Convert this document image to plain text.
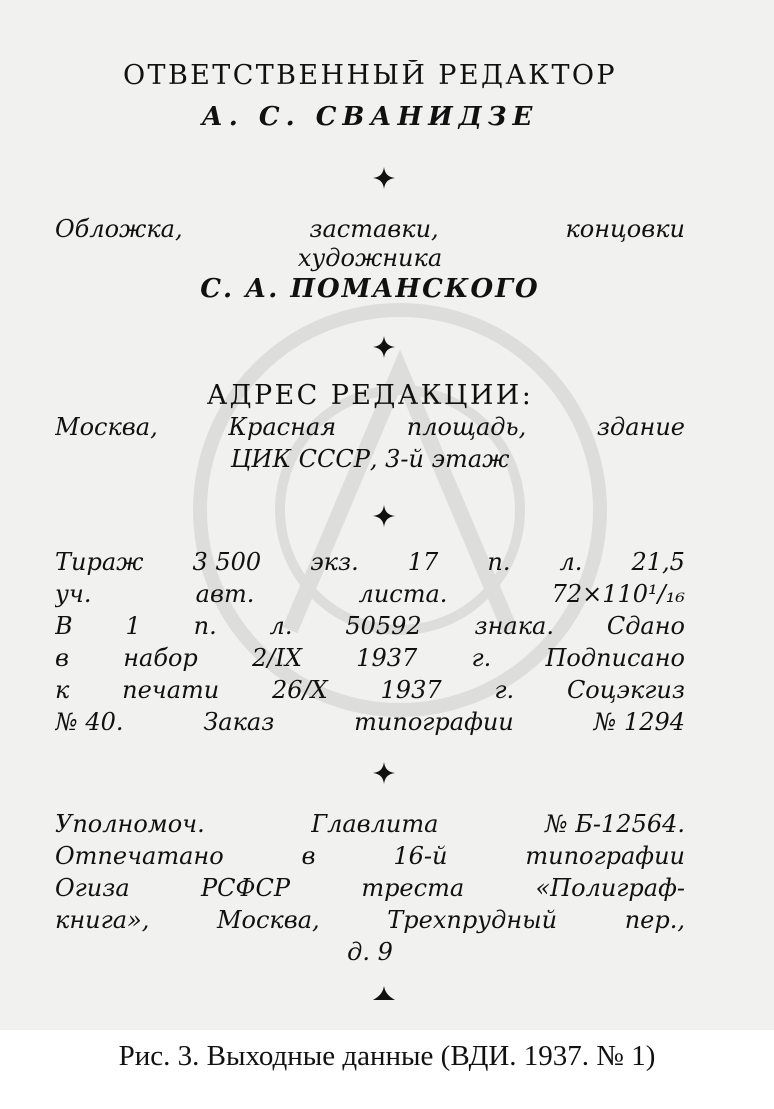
ОТВЕТСТВЕННЫЙ РЕДАКТОР
А. С. СВАНИДЗЕ
Обложка,	заставки,	концовки
художника
С. А. ПОМАНСКОГО
АДРЕС РЕДАКЦИИ:
Москва,	Красная	площадь,	здание
ЦИК СССР, 3-й этаж
Тираж 3 500 экз. 17 п. л. 21,5
уч.	авт.	листа.	72×110¹/₁₆
В 1 п. л. 50592 знака. Сдано
в набор 2/IX 1937 г. Подписано
к печати 26/X 1937 г. Соцэкгиз
№ 40.	Заказ	типографии	№ 1294
Уполномоч.	Главлита	№ Б-12564.
Отпечатано	в	16-й	типографии
Огиза	РСФСР	треста	«Полиграф-
книга»,	Москва,	Трехпрудный	пер.,
д. 9
Рис. 3. Выходные данные (ВДИ. 1937. № 1)
